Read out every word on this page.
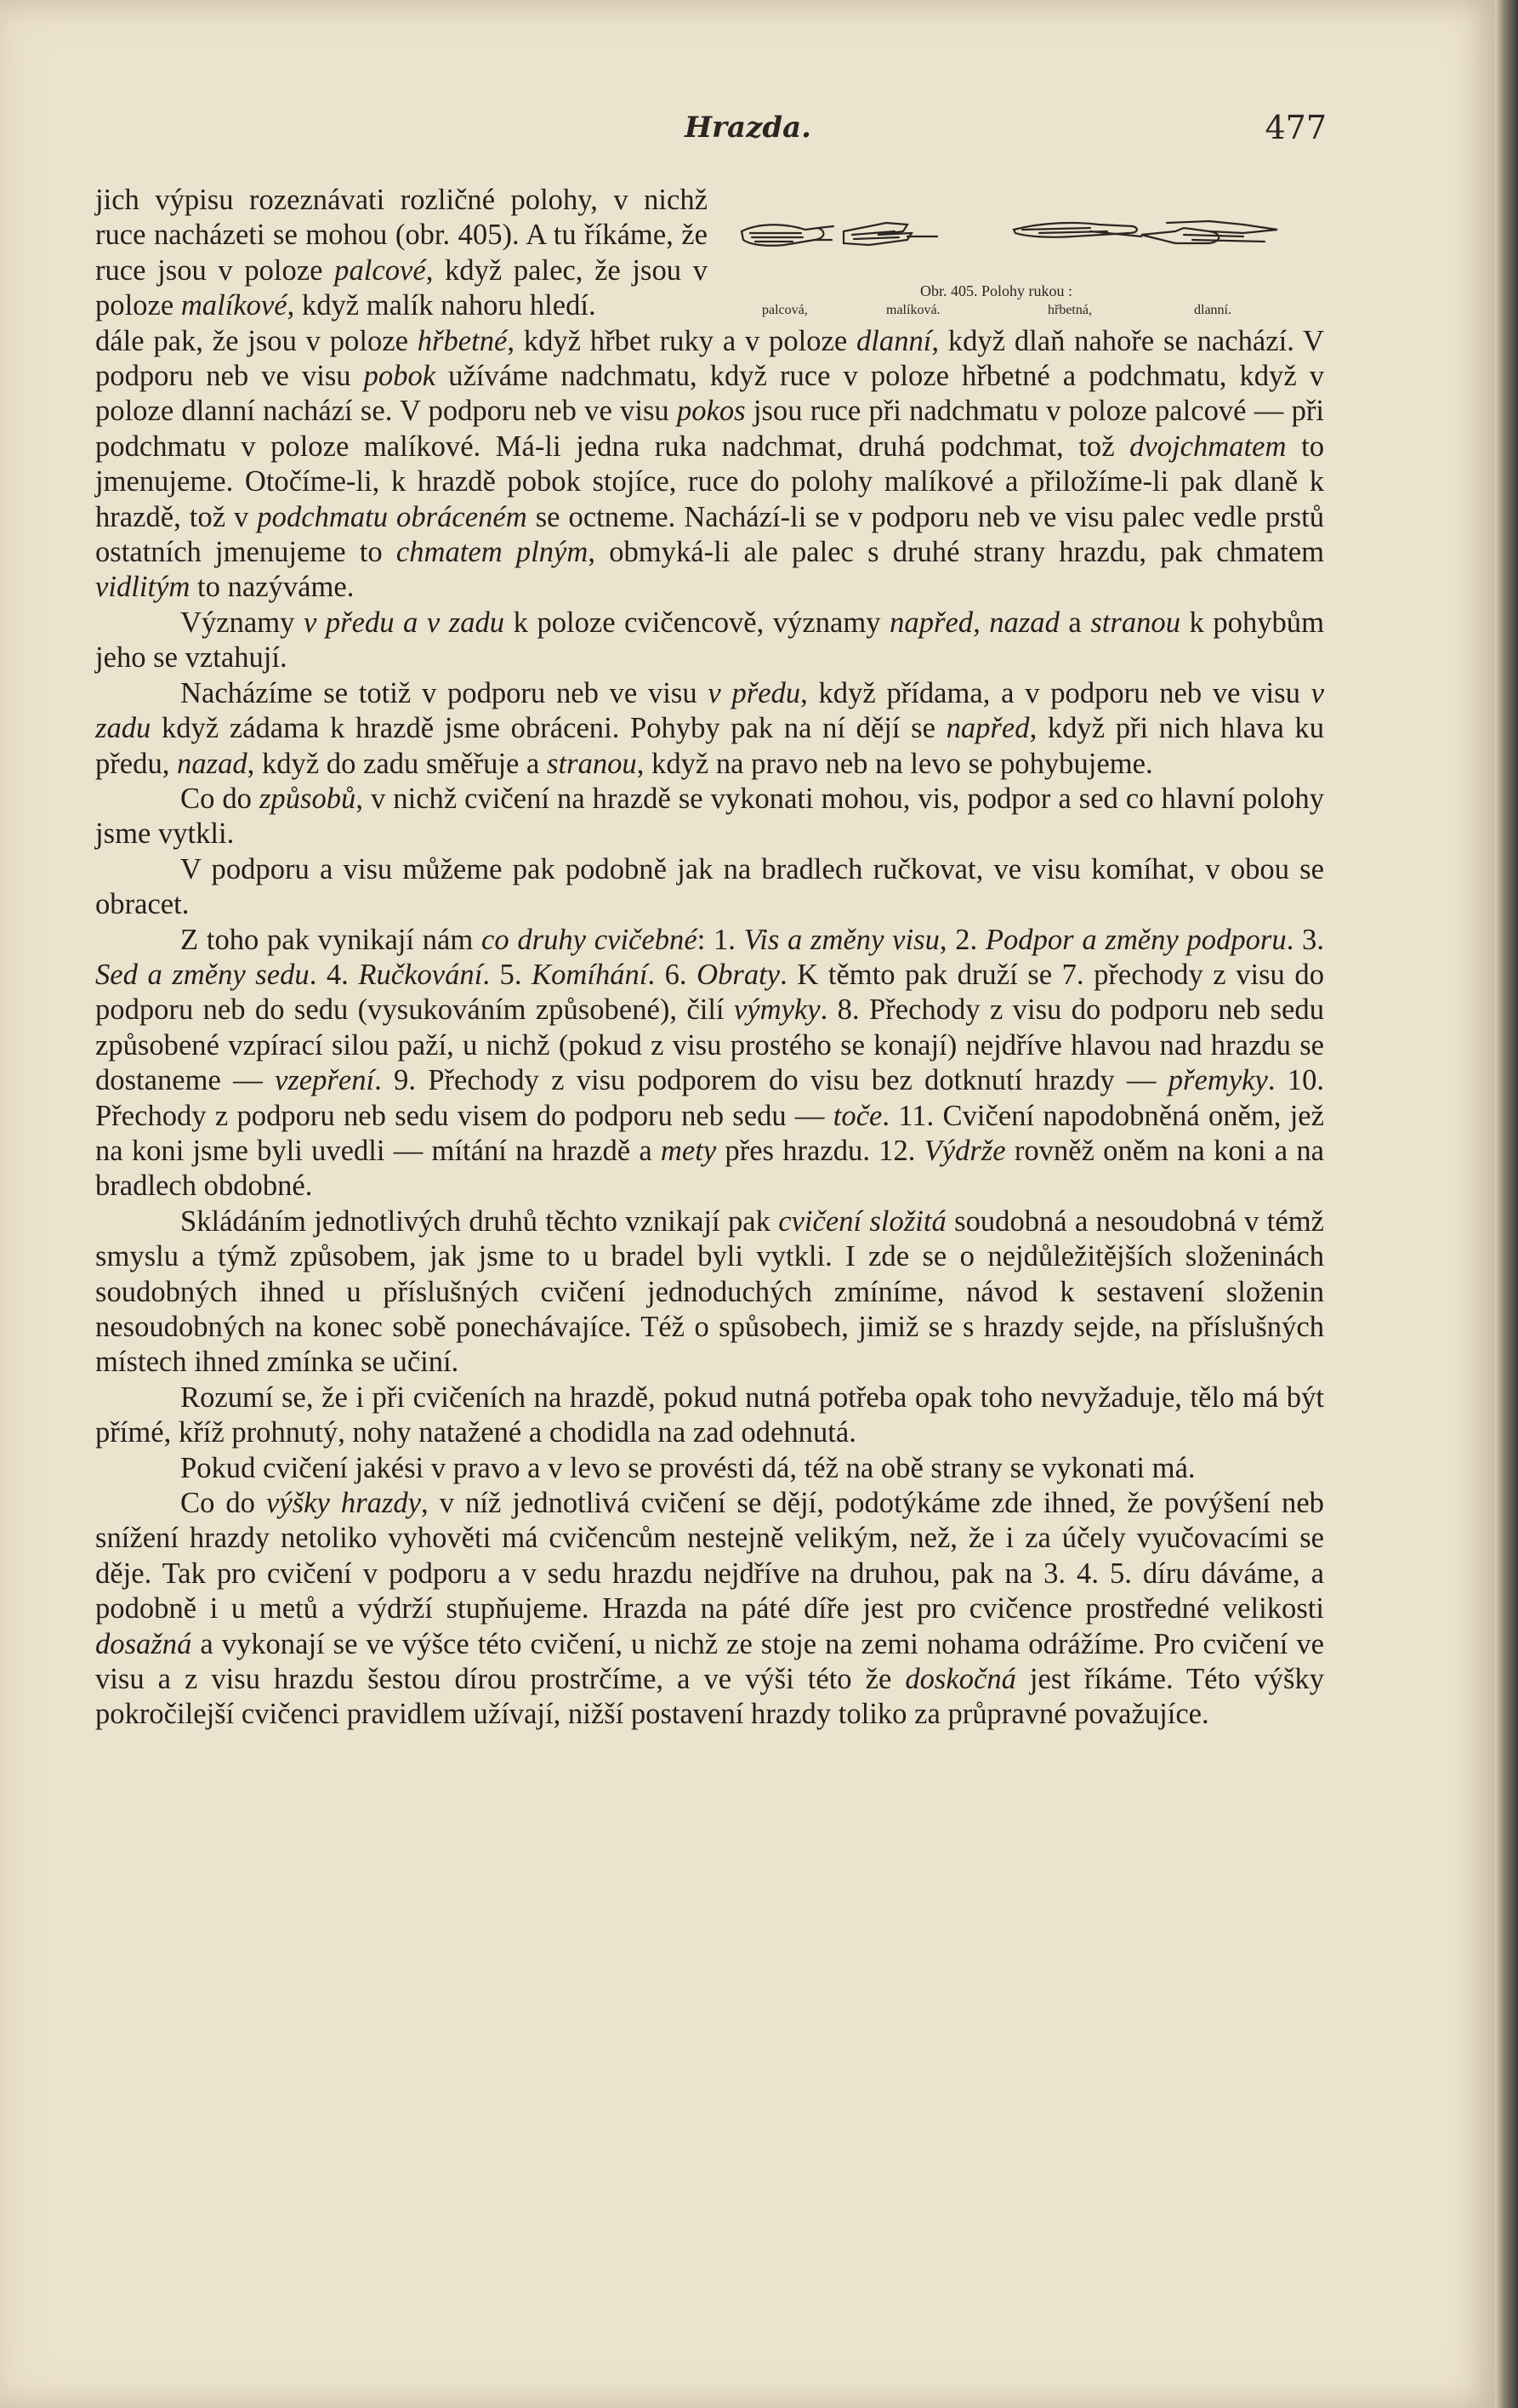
Hrazda.	477
Obr. 405. Polohy rukou :
palcová,	malíková.	hřbetná,	dlanní.

jich výpisu rozeznávati rozličné polohy, v nichž ruce nacházeti se mohou (obr. 405). A tu říkáme, že ruce jsou v poloze palcové, když palec, že jsou v poloze malíkové, když malík nahoru hledí.

dále pak, že jsou v poloze hřbetné, když hřbet ruky a v poloze dlanní, když dlaň nahoře se nachází. V podporu neb ve visu pobok užíváme nadchmatu, když ruce v poloze hřbetné a podchmatu, když v poloze dlanní nachází se. V podporu neb ve visu pokos jsou ruce při nadchmatu v poloze palcové — při podchmatu v poloze malíkové. Má-li jedna ruka nadchmat, druhá podchmat, tož dvojchmatem to jmenujeme. Otočíme-li, k hrazdě pobok stojíce, ruce do polohy malíkové a přiložíme-li pak dlaně k hrazdě, tož v podchmatu obráceném se octneme. Nachází-li se v podporu neb ve visu palec vedle prstů ostatních jmenujeme to chmatem plným, obmyká-li ale palec s druhé strany hrazdu, pak chmatem vidlitým to nazýváme.

Významy v předu a v zadu k poloze cvičencově, významy napřed, nazad a stranou k pohybům jeho se vztahují.

Nacházíme se totiž v podporu neb ve visu v předu, když přídama, a v podporu neb ve visu v zadu když zádama k hrazdě jsme obráceni. Pohyby pak na ní dějí se napřed, když při nich hlava ku předu, nazad, když do zadu směřuje a stranou, když na pravo neb na levo se pohybujeme.

Co do způsobů, v nichž cvičení na hrazdě se vykonati mohou, vis, podpor a sed co hlavní polohy jsme vytkli.

V podporu a visu můžeme pak podobně jak na bradlech ručkovat, ve visu komíhat, v obou se obracet.

Z toho pak vynikají nám co druhy cvičebné: 1. Vis a změny visu, 2. Podpor a změny podporu. 3. Sed a změny sedu. 4. Ručkování. 5. Komíhání. 6. Obraty. K těmto pak druží se 7. přechody z visu do podporu neb do sedu (vysukováním způsobené), čilí výmyky. 8. Přechody z visu do podporu neb sedu způsobené vzpírací silou paží, u nichž (pokud z visu prostého se konají) nejdříve hlavou nad hrazdu se dostaneme — vzepření. 9. Přechody z visu podporem do visu bez dotknutí hrazdy — přemyky. 10. Přechody z podporu neb sedu visem do podporu neb sedu — toče. 11. Cvičení napodobněná oněm, jež na koni jsme byli uvedli — mítání na hrazdě a mety přes hrazdu. 12. Výdrže rovněž oněm na koni a na bradlech obdobné.

Skládáním jednotlivých druhů těchto vznikají pak cvičení složitá soudobná a nesoudobná v témž smyslu a týmž způsobem, jak jsme to u bradel byli vytkli. I zde se o nejdůležitějších složeninách soudobných ihned u příslušných cvičení jednoduchých zmíníme, návod k sestavení složenin nesoudobných na konec sobě ponechávajíce. Též o spůsobech, jimiž se s hrazdy sejde, na příslušných místech ihned zmínka se učiní.

Rozumí se, že i při cvičeních na hrazdě, pokud nutná potřeba opak toho nevyžaduje, tělo má být přímé, kříž prohnutý, nohy natažené a chodidla na zad odehnutá.

Pokud cvičení jakési v pravo a v levo se provésti dá, též na obě strany se vykonati má.

Co do výšky hrazdy, v níž jednotlivá cvičení se dějí, podotýkáme zde ihned, že povýšení neb snížení hrazdy netoliko vyhověti má cvičencům nestejně velikým, než, že i za účely vyučovacími se děje. Tak pro cvičení v podporu a v sedu hrazdu nejdříve na druhou, pak na 3. 4. 5. díru dáváme, a podobně i u metů a výdrží stupňujeme. Hrazda na páté díře jest pro cvičence prostředné velikosti dosažná a vykonají se ve výšce této cvičení, u nichž ze stoje na zemi nohama odrážíme. Pro cvičení ve visu a z visu hrazdu šestou dírou prostrčíme, a ve výši této že doskočná jest říkáme. Této výšky pokročilejší cvičenci pravidlem užívají, nižší postavení hrazdy toliko za průpravné považujíce.
